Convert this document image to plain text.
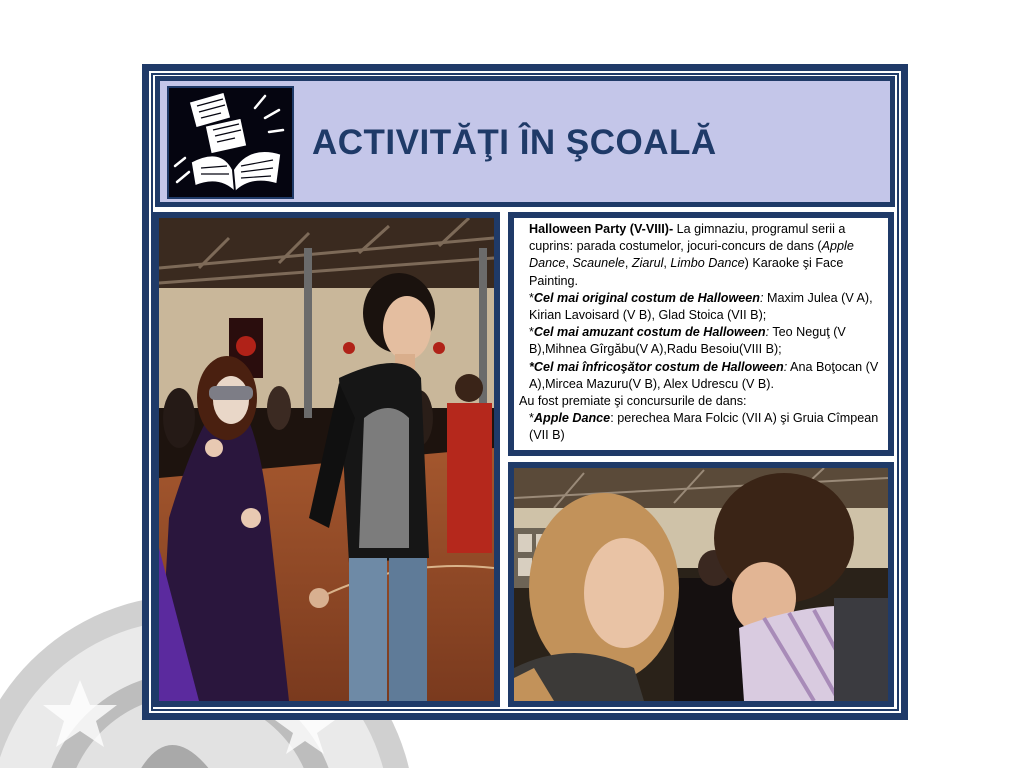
ACTIVITĂŢI ÎN ŞCOALĂ

Halloween Party (V-VIII)- La gimnaziu, programul serii a cuprins: parada costumelor, jocuri-concurs de dans (Apple Dance, Scaunele, Ziarul, Limbo Dance) Karaoke şi Face Painting.

*Cel mai original costum de Halloween: Maxim Julea (V A), Kirian Lavoisard (V B), Glad Stoica (VII B);

*Cel mai amuzant costum de Halloween: Teo Neguţ (V B),Mihnea Gîrgăbu(V A),Radu Besoiu(VIII B);

*Cel mai înfricoşător costum de Halloween: Ana Boţocan (V A),Mircea Mazuru(V B), Alex Udrescu (V B).

Au fost premiate şi concursurile de dans:

*Apple Dance: perechea Mara Folcic (VII A) şi Gruia Cîmpean (VII B)
